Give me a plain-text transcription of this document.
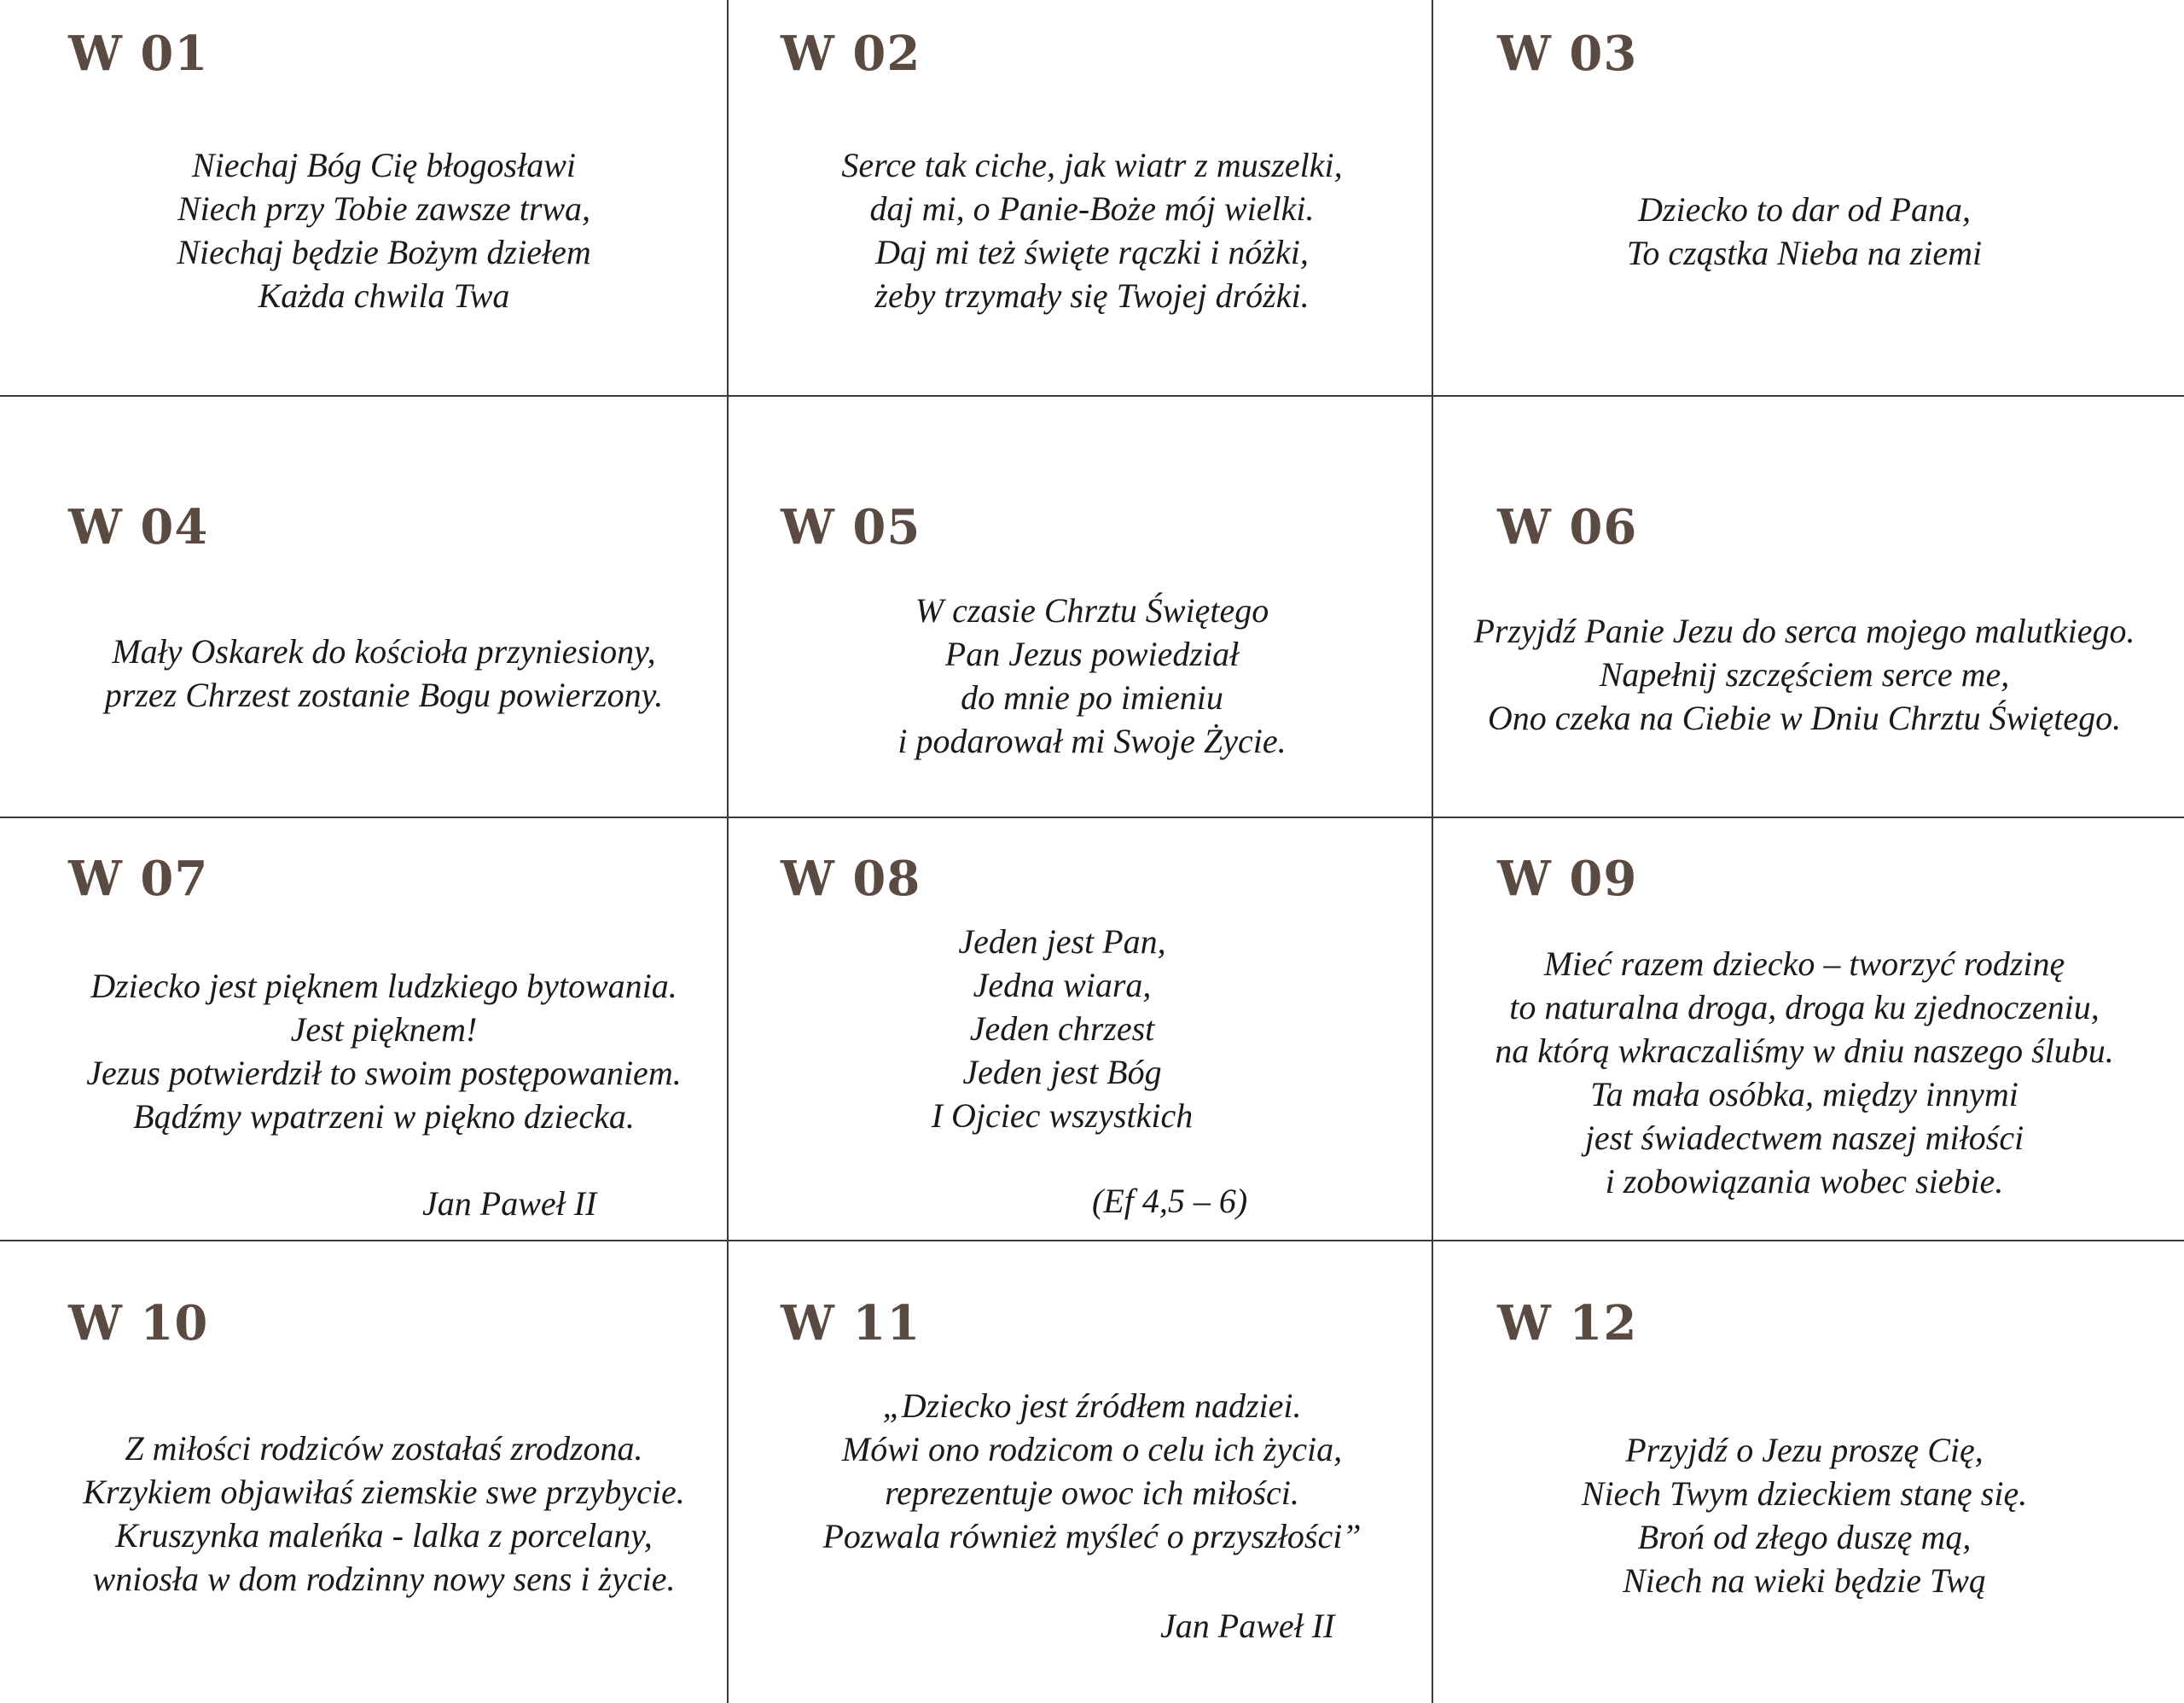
W 01
Niechaj Bóg Cię błogosławi
Niech przy Tobie zawsze trwa,
Niechaj będzie Bożym dziełem
Każda chwila Twa
W 02
Serce tak ciche, jak wiatr z muszelki,
daj mi, o Panie-Boże mój wielki.
Daj mi też święte rączki i nóżki,
żeby trzymały się Twojej dróżki.
W 03
Dziecko to dar od Pana,
To cząstka Nieba na ziemi
W 04
Mały Oskarek do kościoła przyniesiony,
przez Chrzest zostanie Bogu powierzony.
W 05
W czasie Chrztu Świętego
Pan Jezus powiedział
do mnie po imieniu
i podarował mi Swoje Życie.
W 06
Przyjdź Panie Jezu do serca mojego malutkiego.
Napełnij szczęściem serce me,
Ono czeka na Ciebie w Dniu Chrztu Świętego.
W 07
Dziecko jest pięknem ludzkiego bytowania.
Jest pięknem!
Jezus potwierdził to swoim postępowaniem.
Bądźmy wpatrzeni w piękno dziecka.
Jan Paweł II
W 08
Jeden jest Pan,
Jedna wiara,
Jeden chrzest
Jeden jest Bóg
I Ojciec wszystkich
(Ef 4,5 – 6)
W 09
Mieć razem dziecko – tworzyć rodzinę
to naturalna droga, droga ku zjednoczeniu,
na którą wkraczaliśmy w dniu naszego ślubu.
Ta mała osóbka, między innymi
jest świadectwem naszej miłości
i zobowiązania wobec siebie.
W 10
Z miłości rodziców zostałaś zrodzona.
Krzykiem objawiłaś ziemskie swe przybycie.
Kruszynka maleńka - lalka z porcelany,
wniosła w dom rodzinny nowy sens i życie.
W 11
„Dziecko jest źródłem nadziei.
Mówi ono rodzicom o celu ich życia,
reprezentuje owoc ich miłości.
Pozwala również myśleć o przyszłości”
Jan Paweł II
W 12
Przyjdź o Jezu proszę Cię,
Niech Twym dzieckiem stanę się.
Broń od złego duszę mą,
Niech na wieki będzie Twą
